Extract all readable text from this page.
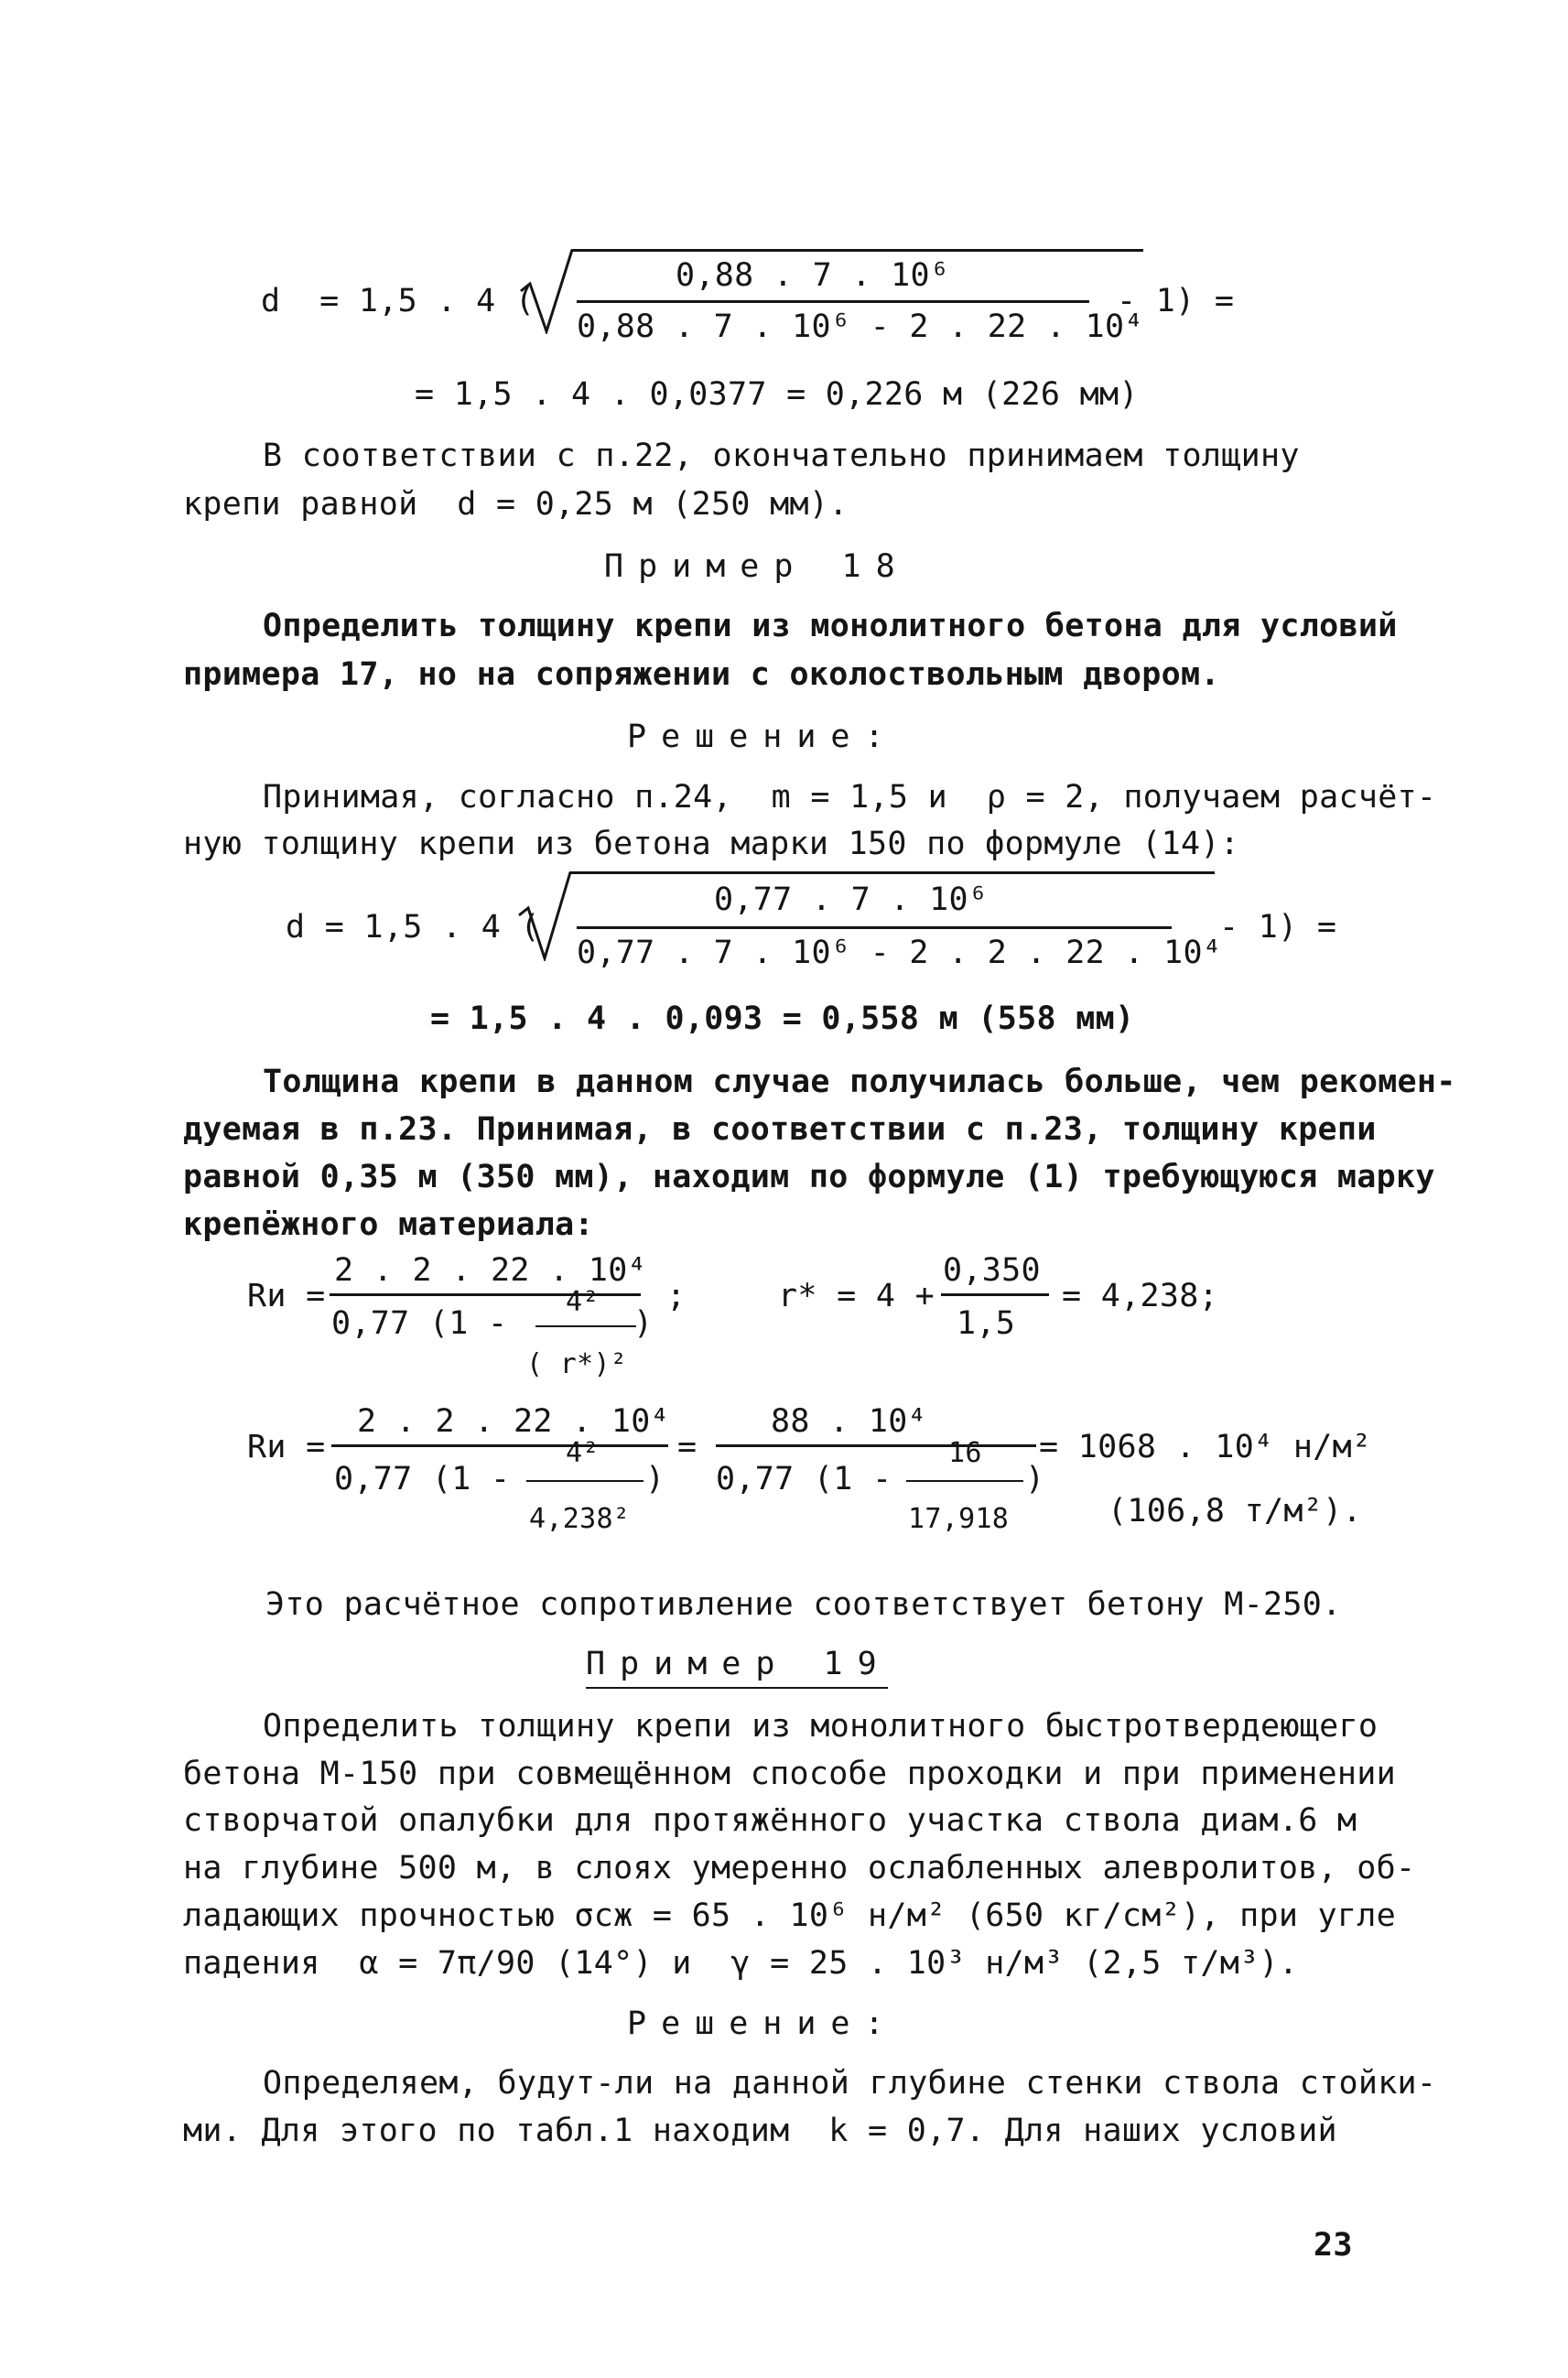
d  = 1,5 . 4 (
0,88 . 7 . 10⁶
0,88 . 7 . 10⁶ - 2 . 22 . 10⁴
- 1) =
= 1,5 . 4 . 0,0377 = 0,226 м (226 мм)
В соответствии с п.22, окончательно принимаем толщину
крепи равной  d = 0,25 м (250 мм).
Пример 18
Определить толщину крепи из монолитного бетона для условий
примера 17, но на сопряжении с околоствольным двором.
Решение:
Принимая, согласно п.24,  m = 1,5 и  ρ = 2, получаем расчёт-
ную толщину крепи из бетона марки 150 по формуле (14):
d = 1,5 . 4 (
0,77 . 7 . 10⁶
0,77 . 7 . 10⁶ - 2 . 2 . 22 . 10⁴
- 1) =
= 1,5 . 4 . 0,093 = 0,558 м (558 мм)
Толщина крепи в данном случае получилась больше, чем рекомен-
дуемая в п.23. Принимая, в соответствии с п.23, толщину крепи
равной 0,35 м (350 мм), находим по формуле (1) требующуюся марку
крепёжного материала:
Rи =
2 . 2 . 22 . 10⁴
0,77 (1 -
4²
)
( r*)²
;	r* = 4 +
0,350
1,5
= 4,238;
Rи =
2 . 2 . 22 . 10⁴
0,77 (1 -
4²
)
4,238²
=
88 . 10⁴
0,77 (1 -
16
)
17,918
= 1068 . 10⁴ н/м²
(106,8 т/м²).
Это расчётное сопротивление соответствует бетону М-250.
Пример 19
Определить толщину крепи из монолитного быстротвердеющего
бетона М-150 при совмещённом способе проходки и при применении
створчатой опалубки для протяжённого участка ствола диам.6 м
на глубине 500 м, в слоях умеренно ослабленных алевролитов, об-
ладающих прочностью σсж = 65 . 10⁶ н/м² (650 кг/см²), при угле
падения  α = 7π/90 (14°) и  γ = 25 . 10³ н/м³ (2,5 т/м³).
Решение:
Определяем, будут-ли на данной глубине стенки ствола стойки-
ми. Для этого по табл.1 находим  k = 0,7. Для наших условий
23
